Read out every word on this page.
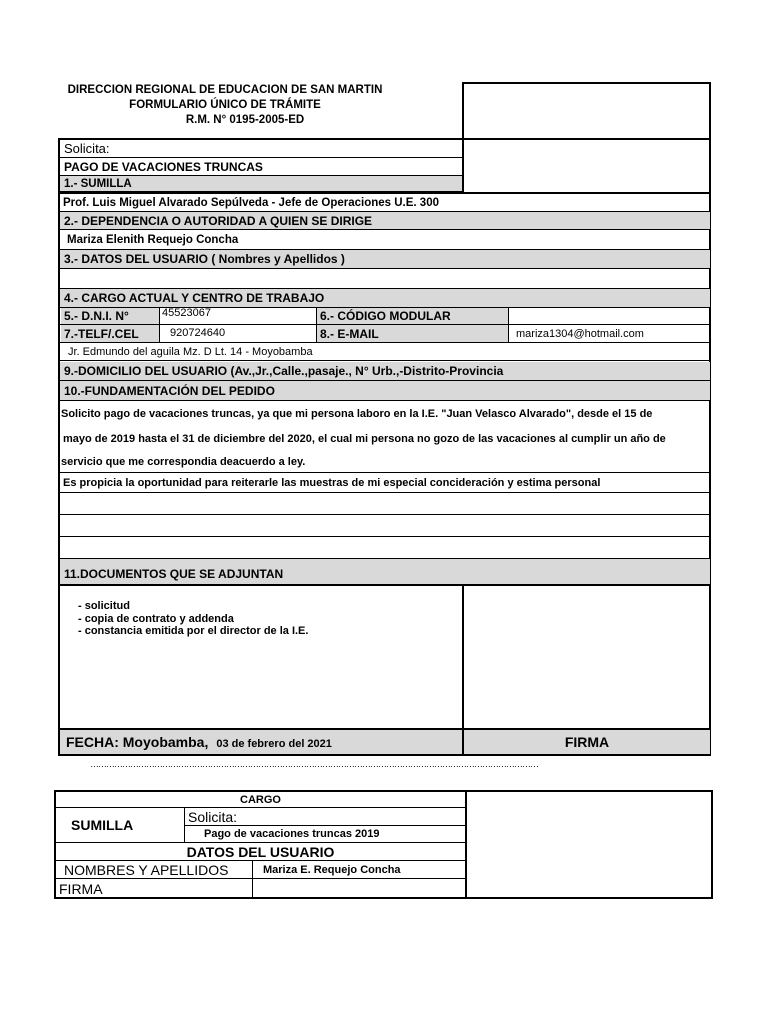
DIRECCION REGIONAL DE EDUCACION DE SAN MARTIN
FORMULARIO ÚNICO DE TRÁMITE
R.M. N° 0195-2005-ED
Solicita:
PAGO DE VACACIONES TRUNCAS
1.- SUMILLA
Prof. Luis Miguel Alvarado Sepúlveda - Jefe de Operaciones U.E. 300
2.- DEPENDENCIA O AUTORIDAD A QUIEN SE DIRIGE
Mariza Elenith Requejo Concha
3.- DATOS DEL USUARIO ( Nombres y Apellidos )
4.- CARGO ACTUAL Y CENTRO DE TRABAJO
5.- D.N.I. N°	45523067	6.- CÓDIGO MODULAR
7.-TELF/.CEL	920724640	8.- E-MAIL	mariza1304@hotmail.com
Jr. Edmundo del aguila Mz. D Lt. 14 - Moyobamba
9.-DOMICILIO DEL USUARIO (Av.,Jr.,Calle.,pasaje., N° Urb.,-Distrito-Provincia
10.-FUNDAMENTACIÓN DEL PEDIDO
Solicito pago de vacaciones truncas, ya que mi persona laboro en la I.E. "Juan Velasco Alvarado", desde el 15 de
mayo de 2019 hasta el 31 de diciembre del 2020, el cual mi persona no gozo de las vacaciones al cumplir un año de
servicio que me correspondia deacuerdo a ley.
Es propicia la oportunidad para reiterarle las muestras de mi especial concideración y estima personal
11.DOCUMENTOS QUE SE ADJUNTAN
- solicitud
- copia de contrato y addenda
- constancia emitida por el director de la I.E.
FECHA: Moyobamba, 03 de febrero del 2021	FIRMA
……………………………………………………………………………………………………………………………………………………
CARGO
SUMILLA
Solicita:
Pago de vacaciones truncas 2019
DATOS DEL USUARIO
NOMBRES Y APELLIDOS	Mariza E. Requejo Concha
FIRMA
